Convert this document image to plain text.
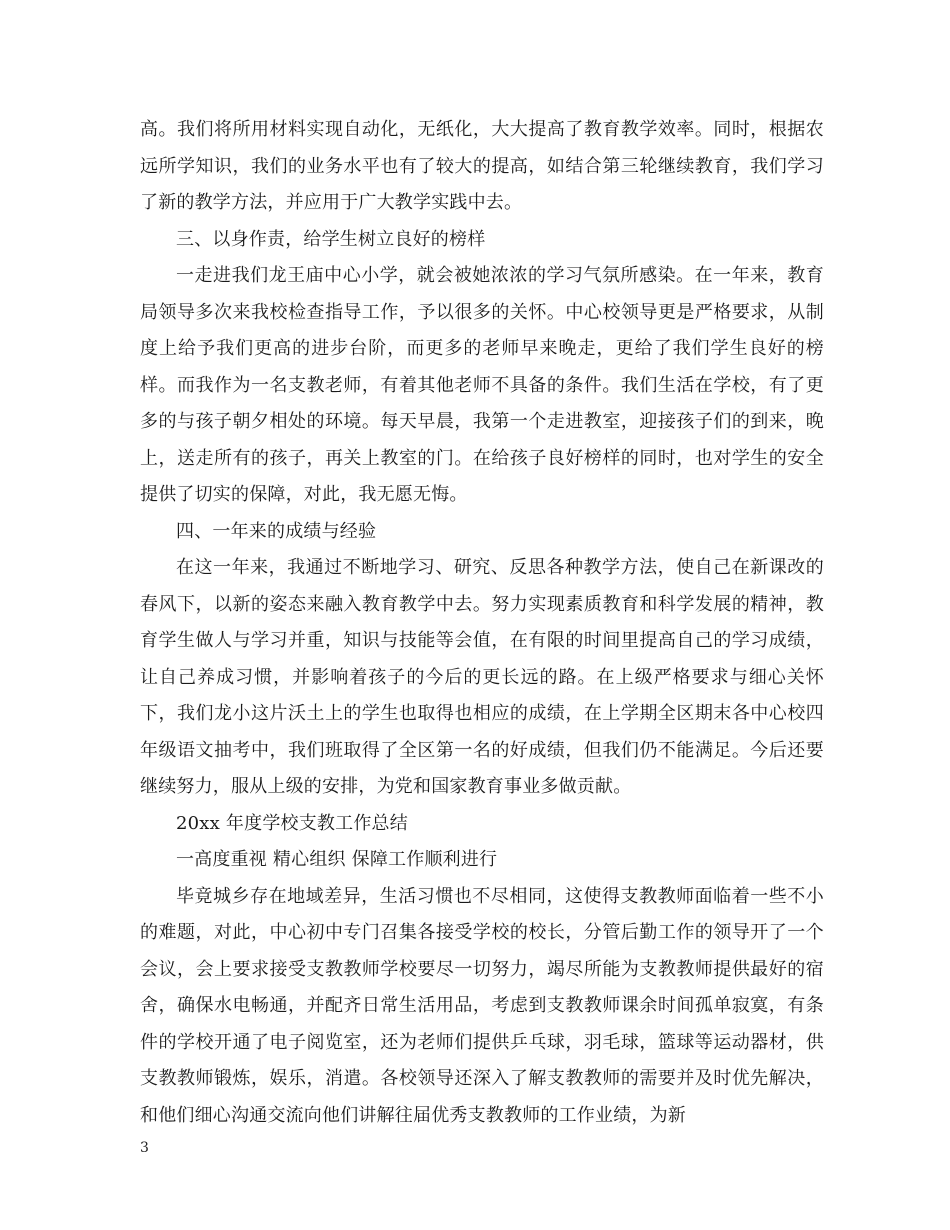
高。我们将所用材料实现自动化，无纸化，大大提高了教育教学效率。同时，根据农远所学知识，我们的业务水平也有了较大的提高，如结合第三轮继续教育，我们学习了新的教学方法，并应用于广大教学实践中去。

三、以身作责，给学生树立良好的榜样

一走进我们龙王庙中心小学，就会被她浓浓的学习气氛所感染。在一年来，教育局领导多次来我校检查指导工作，予以很多的关怀。中心校领导更是严格要求，从制度上给予我们更高的进步台阶，而更多的老师早来晚走，更给了我们学生良好的榜样。而我作为一名支教老师，有着其他老师不具备的条件。我们生活在学校，有了更多的与孩子朝夕相处的环境。每天早晨，我第一个走进教室，迎接孩子们的到来，晚上，送走所有的孩子，再关上教室的门。在给孩子良好榜样的同时，也对学生的安全提供了切实的保障，对此，我无愿无悔。

四、一年来的成绩与经验

在这一年来，我通过不断地学习、研究、反思各种教学方法，使自己在新课改的春风下，以新的姿态来融入教育教学中去。努力实现素质教育和科学发展的精神，教育学生做人与学习并重，知识与技能等会值，在有限的时间里提高自己的学习成绩，让自己养成习惯，并影响着孩子的今后的更长远的路。在上级严格要求与细心关怀下，我们龙小这片沃土上的学生也取得也相应的成绩，在上学期全区期末各中心校四年级语文抽考中，我们班取得了全区第一名的好成绩，但我们仍不能满足。今后还要继续努力，服从上级的安排，为党和国家教育事业多做贡献。

20xx 年度学校支教工作总结

一高度重视 精心组织 保障工作顺利进行

毕竟城乡存在地域差异，生活习惯也不尽相同，这使得支教教师面临着一些不小的难题，对此，中心初中专门召集各接受学校的校长，分管后勤工作的领导开了一个会议，会上要求接受支教教师学校要尽一切努力，竭尽所能为支教教师提供最好的宿舍，确保水电畅通，并配齐日常生活用品，考虑到支教教师课余时间孤单寂寞，有条件的学校开通了电子阅览室，还为老师们提供乒乓球，羽毛球，篮球等运动器材，供支教教师锻炼，娱乐，消遣。各校领导还深入了解支教教师的需要并及时优先解决，和他们细心沟通交流向他们讲解往届优秀支教教师的工作业绩，为新

3
